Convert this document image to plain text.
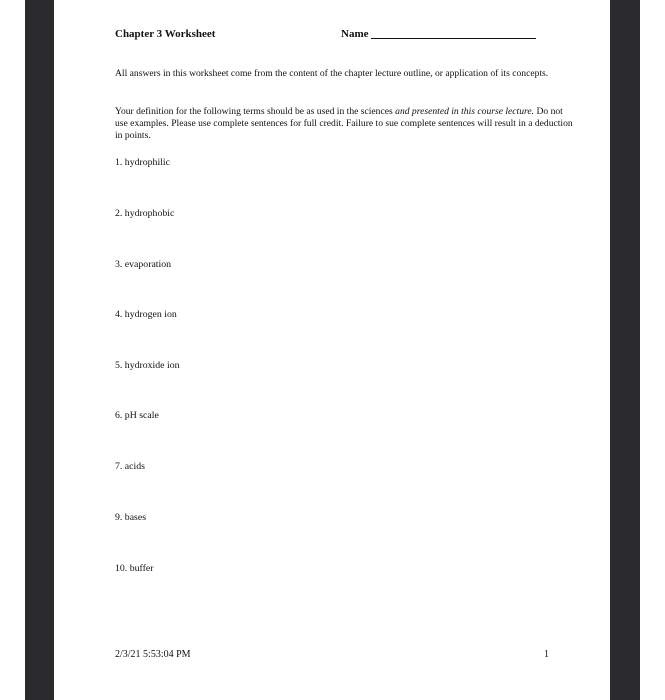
Chapter 3 Worksheet	Name

All answers in this worksheet come from the content of the chapter lecture outline, or application of its concepts.

Your definition for the following terms should be as used in the sciences and presented in this course lecture. Do not use examples. Please use complete sentences for full credit. Failure to sue complete sentences will result in a deduction in points.

1. hydrophilic
2. hydrophobic
3. evaporation
4. hydrogen ion
5. hydroxide ion
6. pH scale
7. acids
9. bases
10. buffer
2/3/21 5:53:04 PM	1
